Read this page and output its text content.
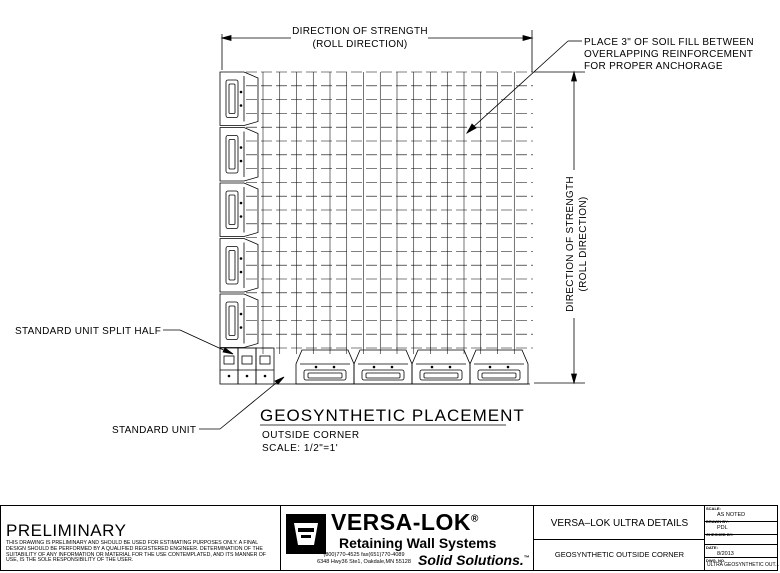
DIRECTION OF STRENGTH
(ROLL DIRECTION)
DIRECTION OF STRENGTH (ROLL DIRECTION)
PLACE 3" OF SOIL FILL BETWEEN
OVERLAPPING REINFORCEMENT
FOR PROPER ANCHORAGE
STANDARD UNIT SPLIT HALF
STANDARD UNIT
GEOSYNTHETIC PLACEMENT
OUTSIDE CORNER
SCALE: 1/2"=1'
PRELIMINARY
THIS DRAWING IS PRELIMINARY AND SHOULD BE USED FOR ESTIMATING PURPOSES ONLY. A FINAL DESIGN SHOULD BE PERFORMED BY A QUALIFIED REGISTERED ENGINEER. DETERMINATION OF THE SUITABILITY OF ANY INFORMATION OR MATERIAL FOR THE USE CONTEMPLATED, AND ITS MANNER OF USE, IS THE SOLE RESPONSIBILITY OF THE USER.
VERSA-LOK®
Retaining Wall Systems
(800)770-4525 fax(651)770-4089
6348 Hwy36 Ste1, Oakdale,MN 55128 Solid Solutions.™
VERSA–LOK ULTRA DETAILS
GEOSYNTHETIC OUTSIDE CORNER
SCALE:
AS NOTED
DRAWN BY:
PDL
CHECKED BY:
DATE:
8/2013
DWG. NO.
ULTRA GEOSYNTHETIC OUT...
